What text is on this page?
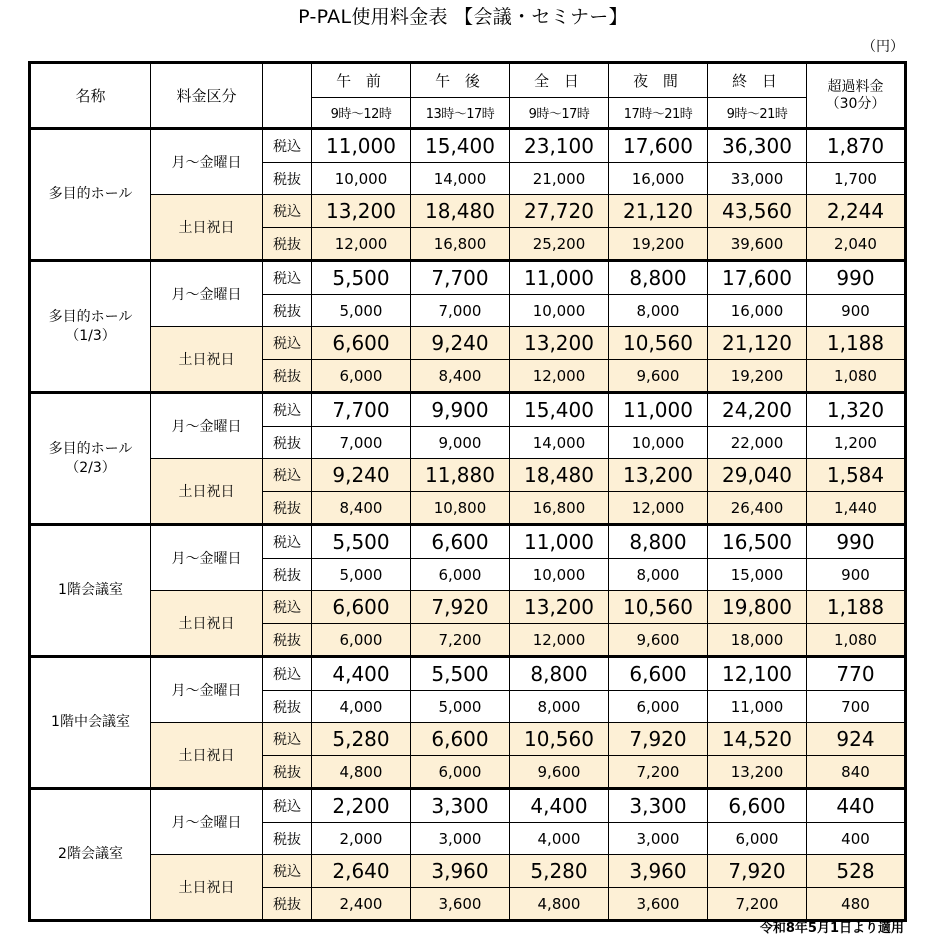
P-PAL使用料金表 【会議・セミナー】
（円）
名称	料金区分		午 前	午 後	全 日	夜 間	終 日	超過料金
（30分）
			9時～12時	13時～17時	9時～17時	17時～21時	9時～21時	
多目的ホール	月～金曜日	税込	11,000	15,400	23,100	17,600	36,300	1,870
		税抜	10,000	14,000	21,000	16,000	33,000	1,700
	土日祝日	税込	13,200	18,480	27,720	21,120	43,560	2,244
		税抜	12,000	16,800	25,200	19,200	39,600	2,040
多目的ホール
（1/3）	月～金曜日	税込	5,500	7,700	11,000	8,800	17,600	990
		税抜	5,000	7,000	10,000	8,000	16,000	900
	土日祝日	税込	6,600	9,240	13,200	10,560	21,120	1,188
		税抜	6,000	8,400	12,000	9,600	19,200	1,080
多目的ホール
（2/3）	月～金曜日	税込	7,700	9,900	15,400	11,000	24,200	1,320
		税抜	7,000	9,000	14,000	10,000	22,000	1,200
	土日祝日	税込	9,240	11,880	18,480	13,200	29,040	1,584
		税抜	8,400	10,800	16,800	12,000	26,400	1,440
1階会議室	月～金曜日	税込	5,500	6,600	11,000	8,800	16,500	990
		税抜	5,000	6,000	10,000	8,000	15,000	900
	土日祝日	税込	6,600	7,920	13,200	10,560	19,800	1,188
		税抜	6,000	7,200	12,000	9,600	18,000	1,080
1階中会議室	月～金曜日	税込	4,400	5,500	8,800	6,600	12,100	770
		税抜	4,000	5,000	8,000	6,000	11,000	700
	土日祝日	税込	5,280	6,600	10,560	7,920	14,520	924
		税抜	4,800	6,000	9,600	7,200	13,200	840
2階会議室	月～金曜日	税込	2,200	3,300	4,400	3,300	6,600	440
		税抜	2,000	3,000	4,000	3,000	6,000	400
	土日祝日	税込	2,640	3,960	5,280	3,960	7,920	528
		税抜	2,400	3,600	4,800	3,600	7,200	480
令和8年5月1日より適用
